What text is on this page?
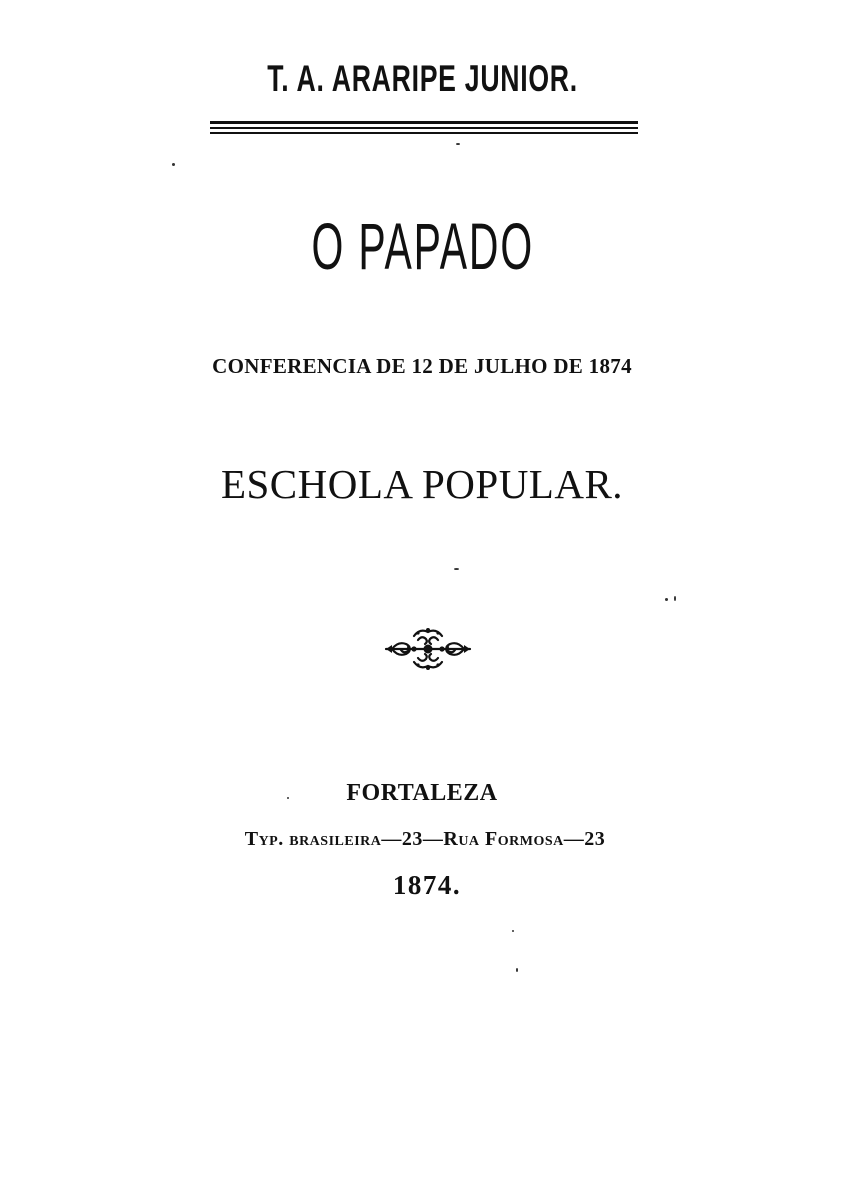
T. A. ARARIPE JUNIOR.
O PAPADO
CONFERENCIA DE 12 DE JULHO DE 1874
ESCHOLA POPULAR.
FORTALEZA
Typ. brasileira—23—Rua Formosa—23
1874.
